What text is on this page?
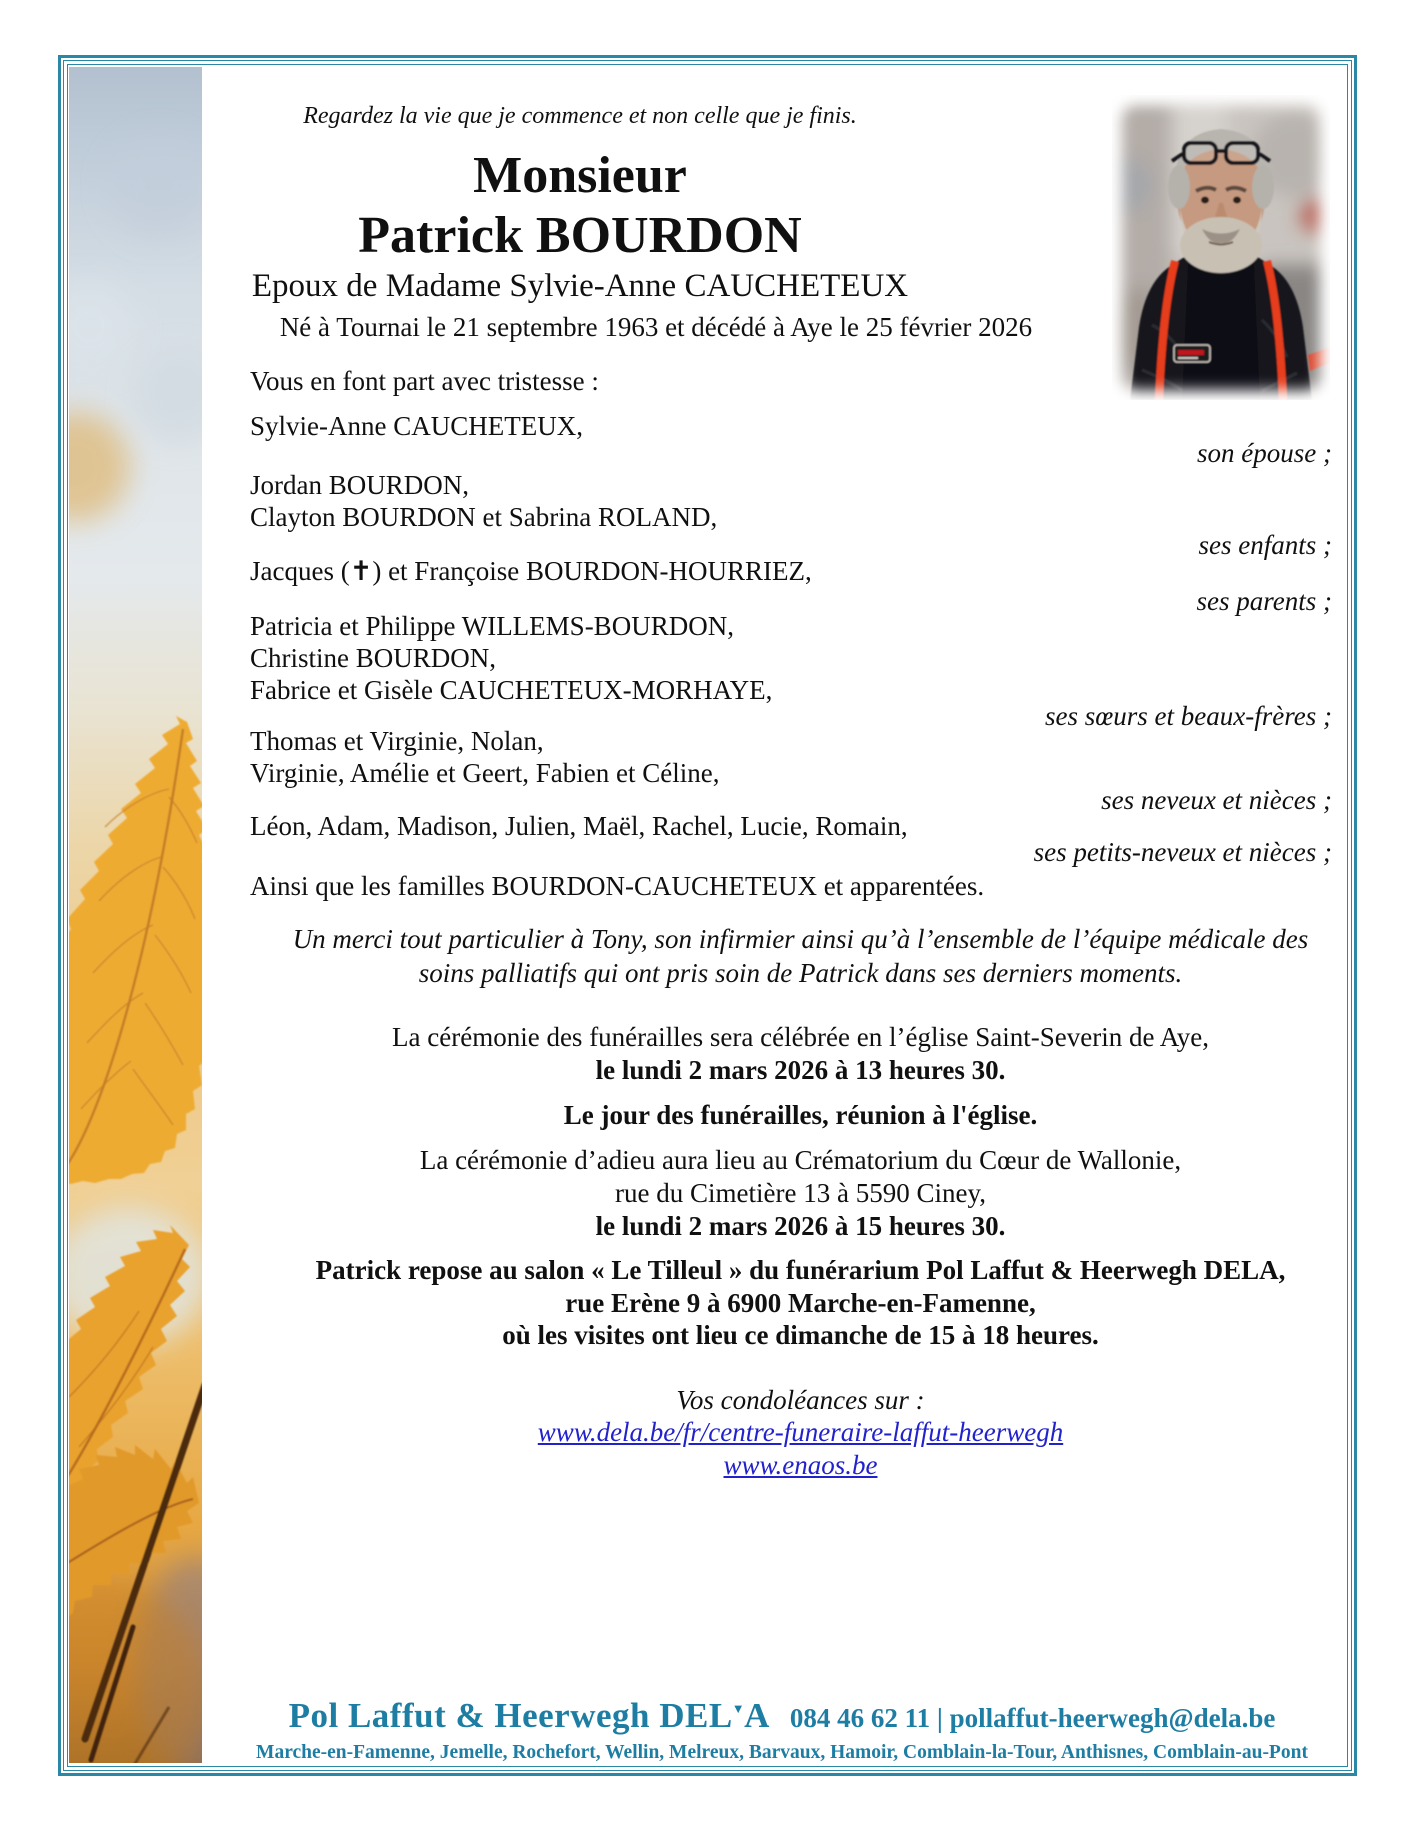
Regardez la vie que je commence et non celle que je finis.
Monsieur
Patrick BOURDON
Epoux de Madame Sylvie-Anne CAUCHETEUX
Né à Tournai le 21 septembre 1963 et décédé à Aye le 25 février 2026
Vous en font part avec tristesse :
Sylvie-Anne CAUCHETEUX,
son épouse ;
Jordan BOURDON,
Clayton BOURDON et Sabrina ROLAND,
ses enfants ;
Jacques (✝) et Françoise BOURDON-HOURRIEZ,
ses parents ;
Patricia et Philippe WILLEMS-BOURDON,
Christine BOURDON,
Fabrice et Gisèle CAUCHETEUX-MORHAYE,
ses sœurs et beaux-frères ;
Thomas et Virginie, Nolan,
Virginie, Amélie et Geert, Fabien et Céline,
ses neveux et nièces ;
Léon, Adam, Madison, Julien, Maël, Rachel, Lucie, Romain,
ses petits-neveux et nièces ;
Ainsi que les familles BOURDON-CAUCHETEUX et apparentées.
Un merci tout particulier à Tony, son infirmier ainsi qu’à l’ensemble de l’équipe médicale des soins palliatifs qui ont pris soin de Patrick dans ses derniers moments.
La cérémonie des funérailles sera célébrée en l’église Saint-Severin de Aye,
le lundi 2 mars 2026 à 13 heures 30.
Le jour des funérailles, réunion à l'église.
La cérémonie d’adieu aura lieu au Crématorium du Cœur de Wallonie,
rue du Cimetière 13 à 5590 Ciney,
le lundi 2 mars 2026 à 15 heures 30.
Patrick repose au salon « Le Tilleul » du funérarium Pol Laffut & Heerwegh DELA,
rue Erène 9 à 6900 Marche-en-Famenne,
où les visites ont lieu ce dimanche de 15 à 18 heures.
Vos condoléances sur :
www.dela.be/fr/centre-funeraire-laffut-heerwegh
www.enaos.be
Pol Laffut & Heerwegh DEL▼A 084 46 62 11 | pollaffut-heerwegh@dela.be
Marche-en-Famenne, Jemelle, Rochefort, Wellin, Melreux, Barvaux, Hamoir, Comblain-la-Tour, Anthisnes, Comblain-au-Pont
